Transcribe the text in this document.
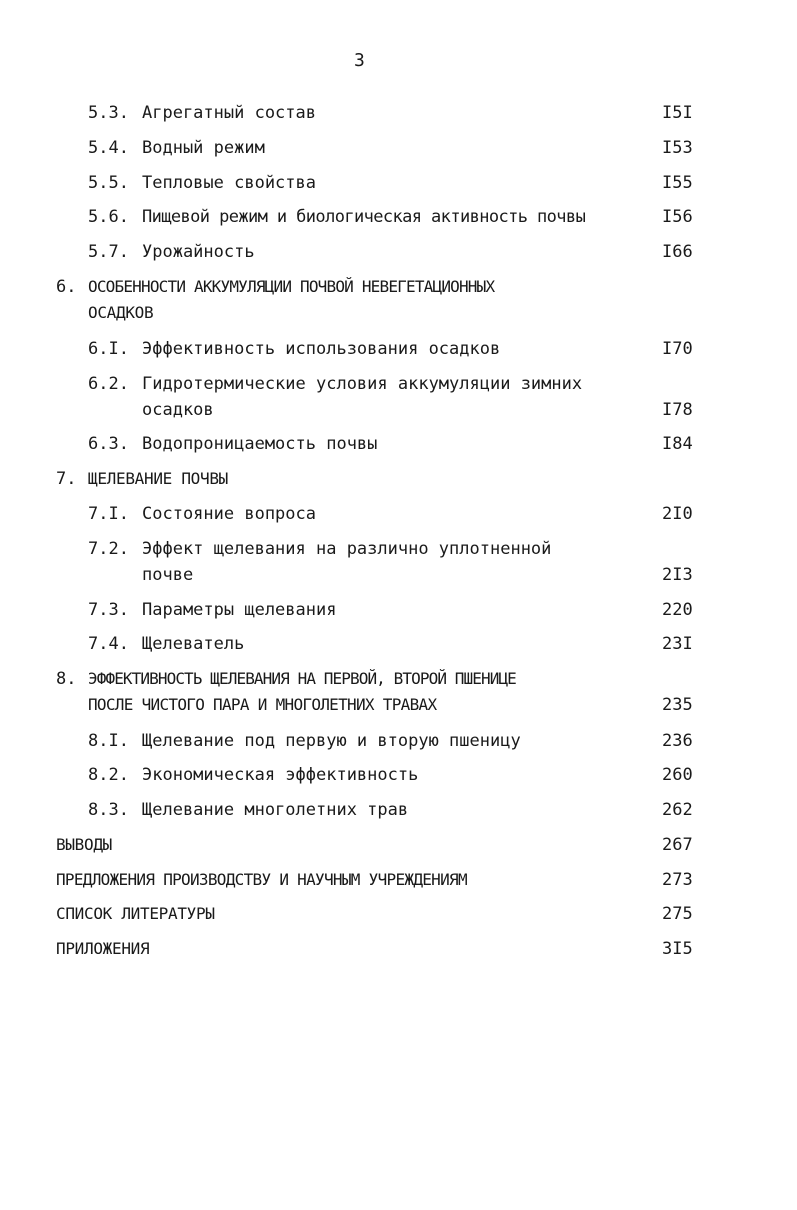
3
5.3. Агрегатный состав	I5I
5.4. Водный режим	I53
5.5. Тепловые свойства	I55
5.6. Пищевой режим и биологическая активность почвы	I56
5.7. Урожайность	I66
6. ОСОБЕННОСТИ АККУМУЛЯЦИИ ПОЧВОЙ НЕВЕГЕТАЦИОННЫХ
ОСАДКОВ
6.I. Эффективность использования осадков	I70
6.2. Гидротермические условия аккумуляции зимних
осадков	I78
6.3. Водопроницаемость почвы	I84
7. ЩЕЛЕВАНИЕ ПОЧВЫ
7.I. Состояние вопроса	2I0
7.2. Эффект щелевания на различно уплотненной
почве	2I3
7.3. Параметры щелевания	220
7.4. Щелеватель	23I
8. ЭФФЕКТИВНОСТЬ ЩЕЛЕВАНИЯ НА ПЕРВОЙ, ВТОРОЙ ПШЕНИЦЕ
ПОСЛЕ ЧИСТОГО ПАРА И МНОГОЛЕТНИХ ТРАВАХ	235
8.I. Щелевание под первую и вторую пшеницу	236
8.2. Экономическая эффективность	260
8.3. Щелевание многолетних трав	262
ВЫВОДЫ	267
ПРЕДЛОЖЕНИЯ ПРОИЗВОДСТВУ И НАУЧНЫМ УЧРЕЖДЕНИЯМ	273
СПИСОК ЛИТЕРАТУРЫ	275
ПРИЛОЖЕНИЯ	3I5
